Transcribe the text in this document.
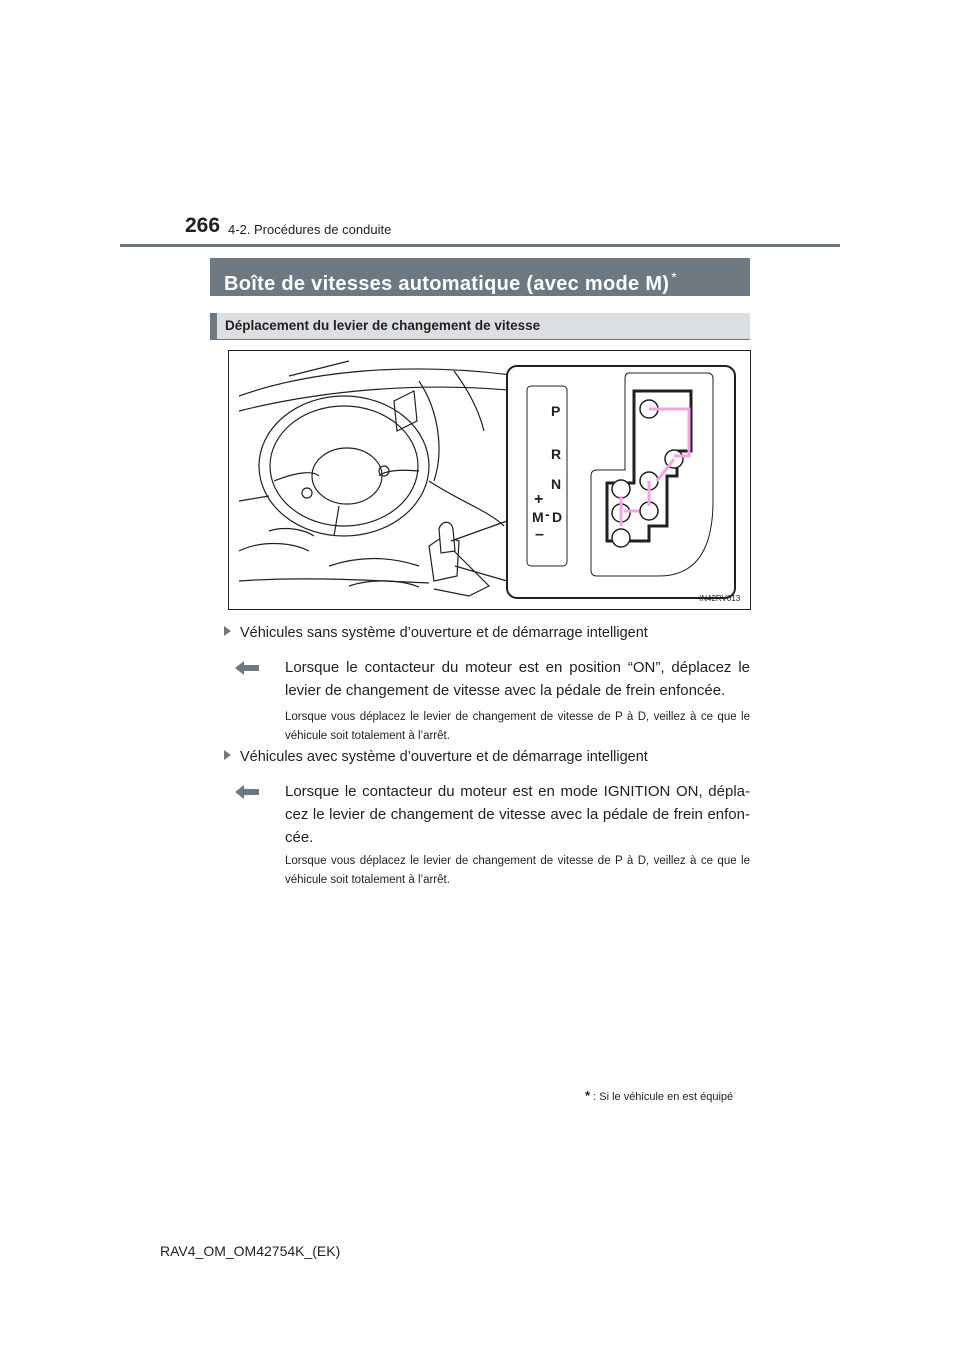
266 4-2. Procédures de conduite
Boîte de vitesses automatique (avec mode M) *
Déplacement du levier de changement de vitesse
P
R
N
D
+
M -
–
IN42RV013
Véhicules sans système d’ouverture et de démarrage intelligent
Lorsque le contacteur du moteur est en position “ON”, déplacez le levier de changement de vitesse avec la pédale de frein enfoncée.
Lorsque vous déplacez le levier de changement de vitesse de P à D, veillez à ce que le véhicule soit totalement à l’arrêt.
Véhicules avec système d’ouverture et de démarrage intelligent
Lorsque le contacteur du moteur est en mode IGNITION ON, dépla-cez le levier de changement de vitesse avec la pédale de frein enfon-cée.
Lorsque vous déplacez le levier de changement de vitesse de P à D, veillez à ce que le véhicule soit totalement à l’arrêt.
* : Si le véhicule en est équipé
RAV4_OM_OM42754K_(EK)
